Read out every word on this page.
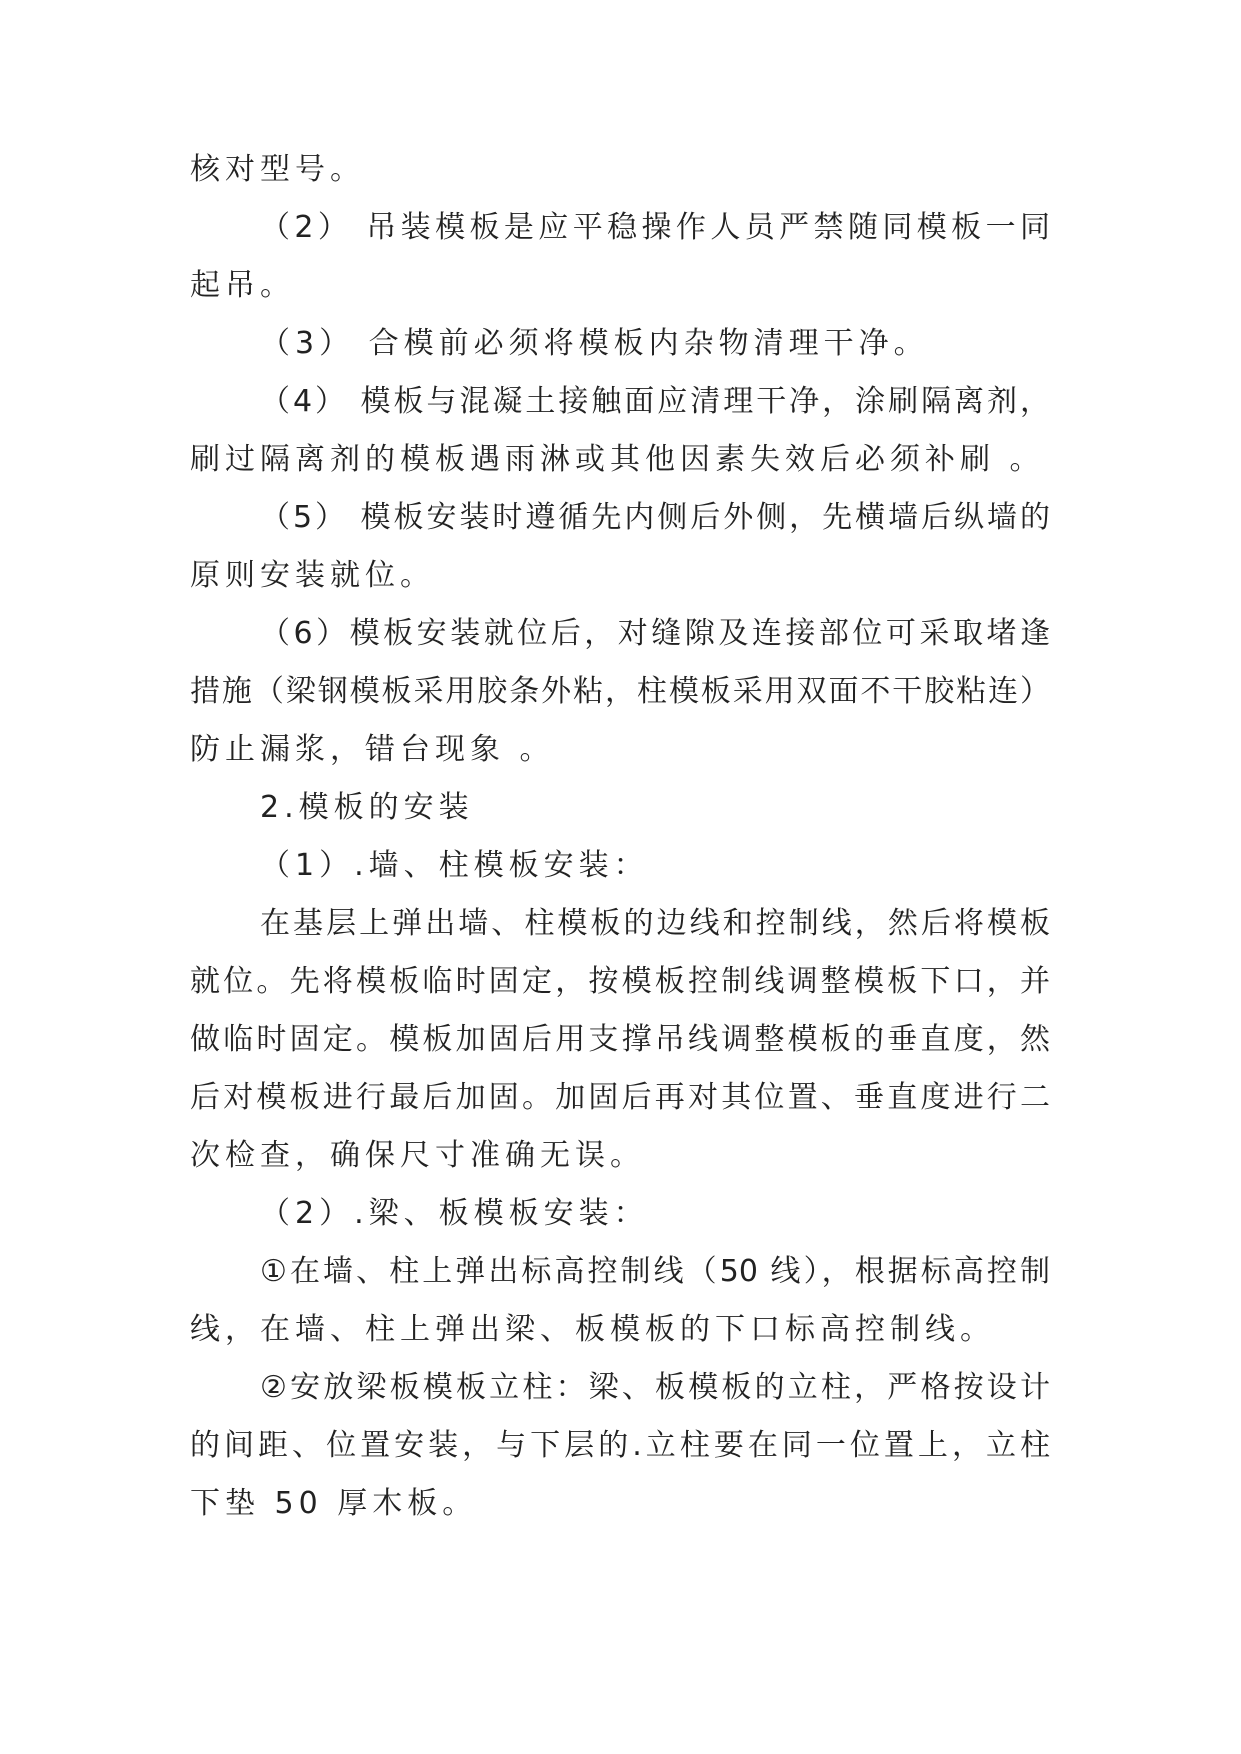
核对型号。
（2） 吊装模板是应平稳操作人员严禁随同模板一同
起吊。
（3） 合模前必须将模板内杂物清理干净。
（4） 模板与混凝土接触面应清理干净，涂刷隔离剂，
刷过隔离剂的模板遇雨淋或其他因素失效后必须补刷 。
（5） 模板安装时遵循先内侧后外侧，先横墙后纵墙的
原则安装就位。
（6）模板安装就位后，对缝隙及连接部位可采取堵逢
措施（梁钢模板采用胶条外粘，柱模板采用双面不干胶粘连）
防止漏浆，错台现象 。
2.模板的安装
（1）.墙、柱模板安装：
在基层上弹出墙、柱模板的边线和控制线，然后将模板
就位。先将模板临时固定，按模板控制线调整模板下口，并
做临时固定。模板加固后用支撑吊线调整模板的垂直度，然
后对模板进行最后加固。加固后再对其位置、垂直度进行二
次检查，确保尺寸准确无误。
（2）.梁、板模板安装：
①在墙、柱上弹出标高控制线（50 线），根据标高控制
线，在墙、柱上弹出梁、板模板的下口标高控制线。
②安放梁板模板立柱：梁、板模板的立柱，严格按设计
的间距、位置安装，与下层的.立柱要在同一位置上，立柱
下垫 50 厚木板。
